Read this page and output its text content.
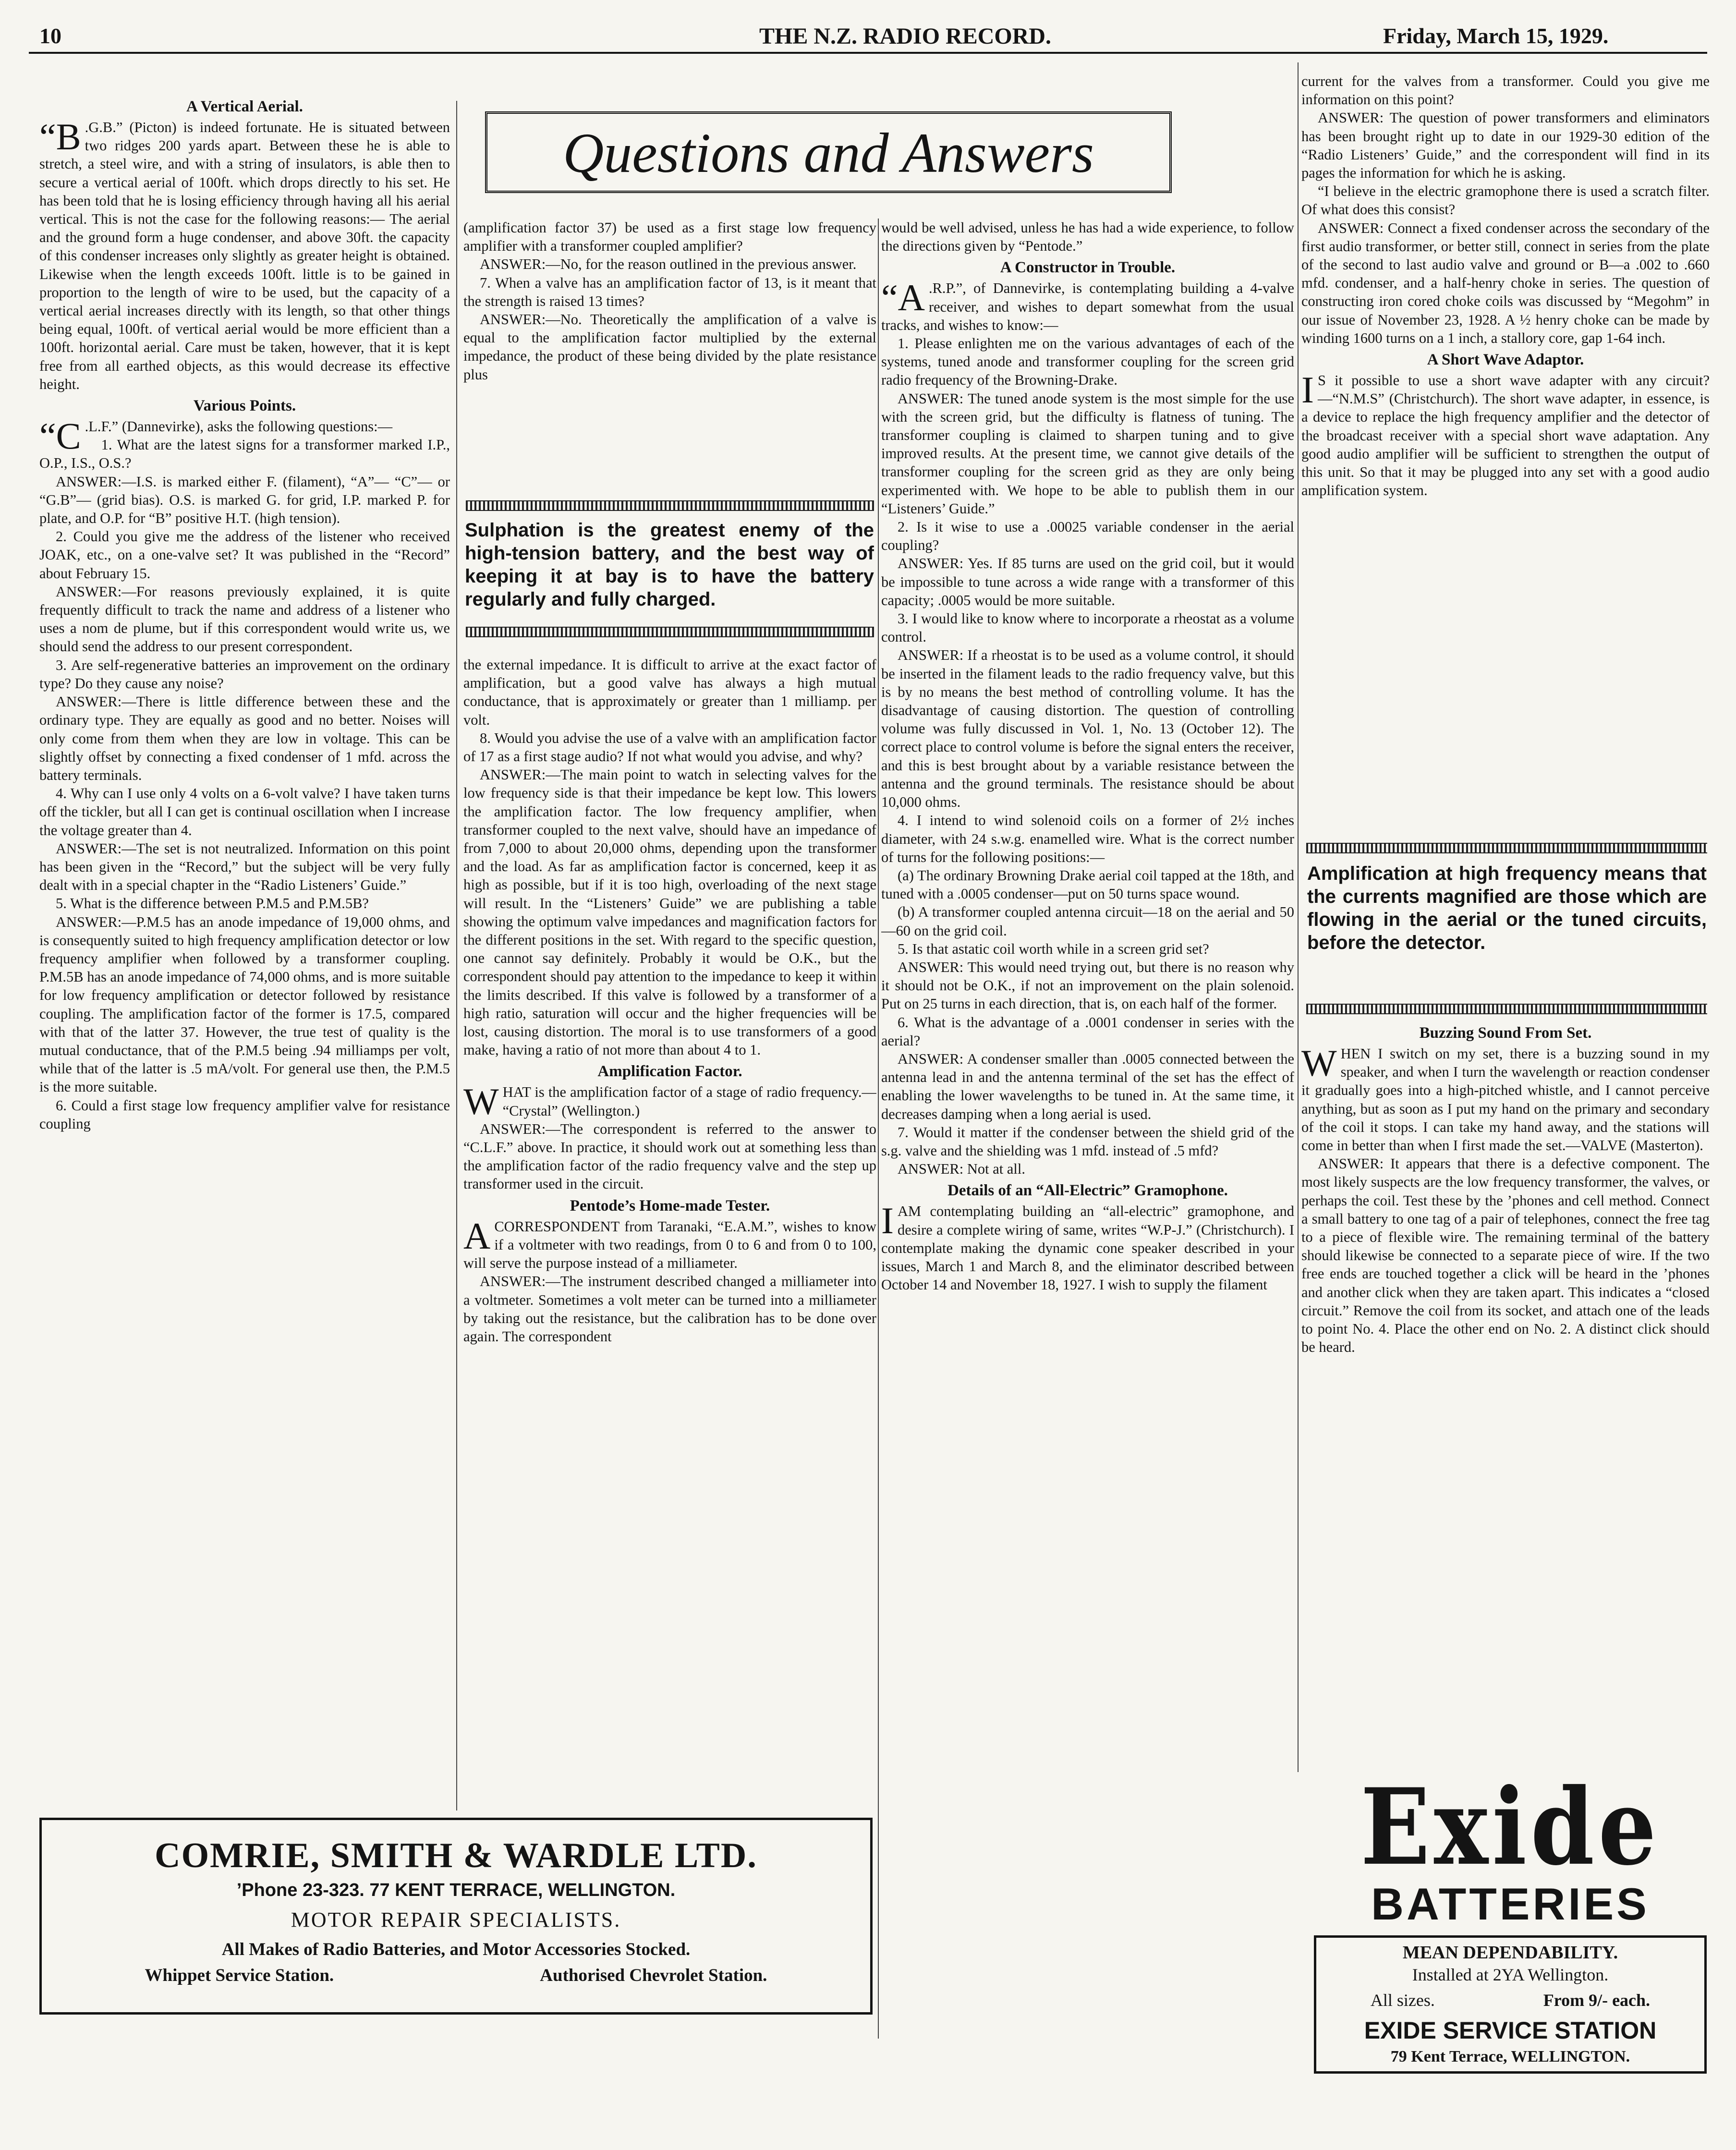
10	THE N.Z. RADIO RECORD.	Friday, March 15, 1929.
Questions and Answers
A Vertical Aerial.

“B .G.B.” (Picton) is indeed fortunate. He is situated between two ridges 200 yards apart. Between these he is able to stretch, a steel wire, and with a string of insulators, is able then to secure a vertical aerial of 100ft. which drops directly to his set. He has been told that he is losing efficiency through having all his aerial vertical. This is not the case for the following reasons:— The aerial and the ground form a huge condenser, and above 30ft. the capacity of this condenser increases only slightly as greater height is obtained. Likewise when the length exceeds 100ft. little is to be gained in proportion to the length of wire to be used, but the capacity of a vertical aerial increases directly with its length, so that other things being equal, 100ft. of vertical aerial would be more efficient than a 100ft. horizontal aerial. Care must be taken, however, that it is kept free from all earthed objects, as this would decrease its effective height.

Various Points.

“C .L.F.” (Dannevirke), asks the following questions:—

1. What are the latest signs for a transformer marked I.P., O.P., I.S., O.S.?

ANSWER:—I.S. is marked either F. (filament), “A”— “C”— or “G.B”— (grid bias). O.S. is marked G. for grid, I.P. marked P. for plate, and O.P. for “B” positive H.T. (high tension).

2. Could you give me the address of the listener who received JOAK, etc., on a one-valve set? It was published in the “Record” about February 15.

ANSWER:—For reasons previously explained, it is quite frequently difficult to track the name and address of a listener who uses a nom de plume, but if this correspondent would write us, we should send the address to our present correspondent.

3. Are self-regenerative batteries an improvement on the ordinary type? Do they cause any noise?

ANSWER:—There is little difference between these and the ordinary type. They are equally as good and no better. Noises will only come from them when they are low in voltage. This can be slightly offset by connecting a fixed condenser of 1 mfd. across the battery terminals.

4. Why can I use only 4 volts on a 6-volt valve? I have taken turns off the tickler, but all I can get is continual oscillation when I increase the voltage greater than 4.

ANSWER:—The set is not neutralized. Information on this point has been given in the “Record,” but the subject will be very fully dealt with in a special chapter in the “Radio Listeners’ Guide.”

5. What is the difference between P.M.5 and P.M.5B?

ANSWER:—P.M.5 has an anode impedance of 19,000 ohms, and is consequently suited to high frequency amplification detector or low frequency amplifier when followed by a transformer coupling. P.M.5B has an anode impedance of 74,000 ohms, and is more suitable for low frequency amplification or detector followed by resistance coupling. The amplification factor of the former is 17.5, compared with that of the latter 37. However, the true test of quality is the mutual conductance, that of the P.M.5 being .94 milliamps per volt, while that of the latter is .5 mA/volt. For general use then, the P.M.5 is the more suitable.

6. Could a first stage low frequency amplifier valve for resistance coupling

(amplification factor 37) be used as a first stage low frequency amplifier with a transformer coupled amplifier?

ANSWER:—No, for the reason outlined in the previous answer.

7. When a valve has an amplification factor of 13, is it meant that the strength is raised 13 times?

ANSWER:—No. Theoretically the amplification of a valve is equal to the amplification factor multiplied by the external impedance, the product of these being divided by the plate resistance plus

Sulphation is the greatest enemy of the high-tension battery, and the best way of keeping it at bay is to have the battery regularly and fully charged.

the external impedance. It is difficult to arrive at the exact factor of amplification, but a good valve has always a high mutual conductance, that is approximately or greater than 1 milliamp. per volt.

8. Would you advise the use of a valve with an amplification factor of 17 as a first stage audio? If not what would you advise, and why?

ANSWER:—The main point to watch in selecting valves for the low frequency side is that their impedance be kept low. This lowers the amplification factor. The low frequency amplifier, when transformer coupled to the next valve, should have an impedance of from 7,000 to about 20,000 ohms, depending upon the transformer and the load. As far as amplification factor is concerned, keep it as high as possible, but if it is too high, overloading of the next stage will result. In the “Listeners’ Guide” we are publishing a table showing the optimum valve impedances and magnification factors for the different positions in the set. With regard to the specific question, one cannot say definitely. Probably it would be O.K., but the correspondent should pay attention to the impedance to keep it within the limits described. If this valve is followed by a transformer of a high ratio, saturation will occur and the higher frequencies will be lost, causing distortion. The moral is to use transformers of a good make, having a ratio of not more than about 4 to 1.

Amplification Factor.

WHAT is the amplification factor of a stage of radio frequency.— “Crystal” (Wellington.)

ANSWER:—The correspondent is referred to the answer to “C.L.F.” above. In practice, it should work out at something less than the amplification factor of the radio frequency valve and the step up transformer used in the circuit.

Pentode’s Home-made Tester.

ACORRESPONDENT from Taranaki, “E.A.M.”, wishes to know if a voltmeter with two readings, from 0 to 6 and from 0 to 100, will serve the purpose instead of a milliameter.

ANSWER:—The instrument described changed a milliameter into a voltmeter. Sometimes a volt meter can be turned into a milliameter by taking out the resistance, but the calibration has to be done over again. The correspondent

would be well advised, unless he has had a wide experience, to follow the directions given by “Pentode.”

A Constructor in Trouble.

“A .R.P.”, of Dannevirke, is contemplating building a 4-valve receiver, and wishes to depart somewhat from the usual tracks, and wishes to know:—

1. Please enlighten me on the various advantages of each of the systems, tuned anode and transformer coupling for the screen grid radio frequency of the Browning-Drake.

ANSWER: The tuned anode system is the most simple for the use with the screen grid, but the difficulty is flatness of tuning. The transformer coupling is claimed to sharpen tuning and to give improved results. At the present time, we cannot give details of the transformer coupling for the screen grid as they are only being experimented with. We hope to be able to publish them in our “Listeners’ Guide.”

2. Is it wise to use a .00025 variable condenser in the aerial coupling?

ANSWER: Yes. If 85 turns are used on the grid coil, but it would be impossible to tune across a wide range with a transformer of this capacity; .0005 would be more suitable.

3. I would like to know where to incorporate a rheostat as a volume control.

ANSWER: If a rheostat is to be used as a volume control, it should be inserted in the filament leads to the radio frequency valve, but this is by no means the best method of controlling volume. It has the disadvantage of causing distortion. The question of controlling volume was fully discussed in Vol. 1, No. 13 (October 12). The correct place to control volume is before the signal enters the receiver, and this is best brought about by a variable resistance between the antenna and the ground terminals. The resistance should be about 10,000 ohms.

4. I intend to wind solenoid coils on a former of 2½ inches diameter, with 24 s.w.g. enamelled wire. What is the correct number of turns for the following positions:—

(a) The ordinary Browning Drake aerial coil tapped at the 18th, and tuned with a .0005 condenser—put on 50 turns space wound.

(b) A transformer coupled antenna circuit—18 on the aerial and 50—60 on the grid coil.

5. Is that astatic coil worth while in a screen grid set?

ANSWER: This would need trying out, but there is no reason why it should not be O.K., if not an improvement on the plain solenoid. Put on 25 turns in each direction, that is, on each half of the former.

6. What is the advantage of a .0001 condenser in series with the aerial?

ANSWER: A condenser smaller than .0005 connected between the antenna lead in and the antenna terminal of the set has the effect of enabling the lower wavelengths to be tuned in. At the same time, it decreases damping when a long aerial is used.

7. Would it matter if the condenser between the shield grid of the s.g. valve and the shielding was 1 mfd. instead of .5 mfd?

ANSWER: Not at all.

Details of an “All-Electric” Gramophone.

IAM contemplating building an “all-electric” gramophone, and desire a complete wiring of same, writes “W.P-J.” (Christchurch). I contemplate making the dynamic cone speaker described in your issues, March 1 and March 8, and the eliminator described between October 14 and November 18, 1927. I wish to supply the filament

current for the valves from a transformer. Could you give me information on this point?

ANSWER: The question of power transformers and eliminators has been brought right up to date in our 1929-30 edition of the “Radio Listeners’ Guide,” and the correspondent will find in its pages the information for which he is asking.

“I believe in the electric gramophone there is used a scratch filter. Of what does this consist?

ANSWER: Connect a fixed condenser across the secondary of the first audio transformer, or better still, connect in series from the plate of the second to last audio valve and ground or B—a .002 to .660 mfd. condenser, and a half-henry choke in series. The question of constructing iron cored choke coils was discussed by “Megohm” in our issue of November 23, 1928. A ½ henry choke can be made by winding 1600 turns on a 1 inch, a stallory core, gap 1-64 inch.

A Short Wave Adaptor.

I S it possible to use a short wave adapter with any circuit?—“N.M.S” (Christchurch). The short wave adapter, in essence, is a device to replace the high frequency amplifier and the detector of the broadcast receiver with a special short wave adaptation. Any good audio amplifier will be sufficient to strengthen the output of this unit. So that it may be plugged into any set with a good audio amplification system.

Amplification at high frequency means that the currents magnified are those which are flowing in the aerial or the tuned circuits, before the detector.
Buzzing Sound From Set.

WHEN I switch on my set, there is a buzzing sound in my speaker, and when I turn the wavelength or reaction condenser it gradually goes into a high-pitched whistle, and I cannot perceive anything, but as soon as I put my hand on the primary and secondary of the coil it stops. I can take my hand away, and the stations will come in better than when I first made the set.—VALVE (Masterton).

ANSWER: It appears that there is a defective component. The most likely suspects are the low frequency transformer, the valves, or perhaps the coil. Test these by the ’phones and cell method. Connect a small battery to one tag of a pair of telephones, connect the free tag to a piece of flexible wire. The remaining terminal of the battery should likewise be connected to a separate piece of wire. If the two free ends are touched together a click will be heard in the ’phones and another click when they are taken apart. This indicates a “closed circuit.” Remove the coil from its socket, and attach one of the leads to point No. 4. Place the other end on No. 2. A distinct click should be heard.

COMRIE, SMITH & WARDLE LTD.

’Phone 23-323. 77 KENT TERRACE, WELLINGTON.

MOTOR REPAIR SPECIALISTS.

All Makes of Radio Batteries, and Motor Accessories Stocked.

Whippet Service Station.	Authorised Chevrolet Station.
Exide
BATTERIES
MEAN DEPENDABILITY.
Installed at 2YA Wellington.
All sizes.	From 9/- each.
EXIDE SERVICE STATION
79 Kent Terrace, WELLINGTON.
